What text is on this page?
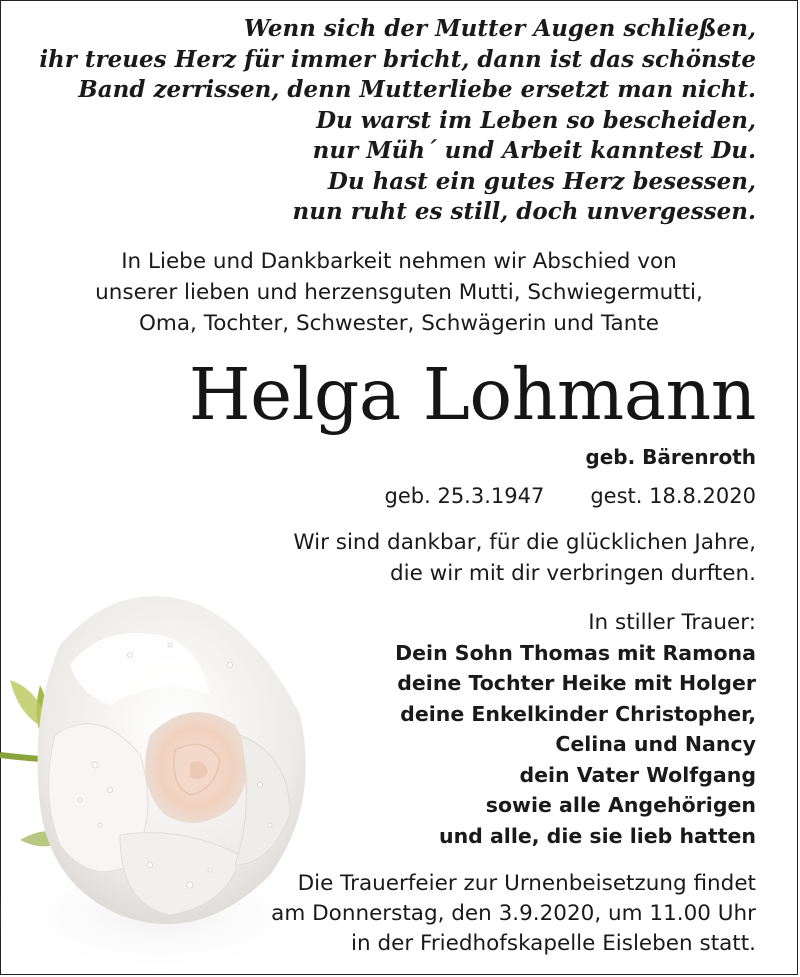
Wenn sich der Mutter Augen schließen,
ihr treues Herz für immer bricht, dann ist das schönste
Band zerrissen, denn Mutterliebe ersetzt man nicht.
Du warst im Leben so bescheiden,
nur Müh´ und Arbeit kanntest Du.
Du hast ein gutes Herz besessen,
nun ruht es still, doch unvergessen.
In Liebe und Dankbarkeit nehmen wir Abschied von
unserer lieben und herzensguten Mutti, Schwiegermutti,
Oma, Tochter, Schwester, Schwägerin und Tante
Helga Lohmann
geb. Bärenroth
geb. 25.3.1947 gest. 18.8.2020
Wir sind dankbar, für die glücklichen Jahre,
die wir mit dir verbringen durften.
In stiller Trauer:
Dein Sohn Thomas mit Ramona
deine Tochter Heike mit Holger
deine Enkelkinder Christopher,
Celina und Nancy
dein Vater Wolfgang
sowie alle Angehörigen
und alle, die sie lieb hatten
Die Trauerfeier zur Urnenbeisetzung findet
am Donnerstag, den 3.9.2020, um 11.00 Uhr
in der Friedhofskapelle Eisleben statt.
